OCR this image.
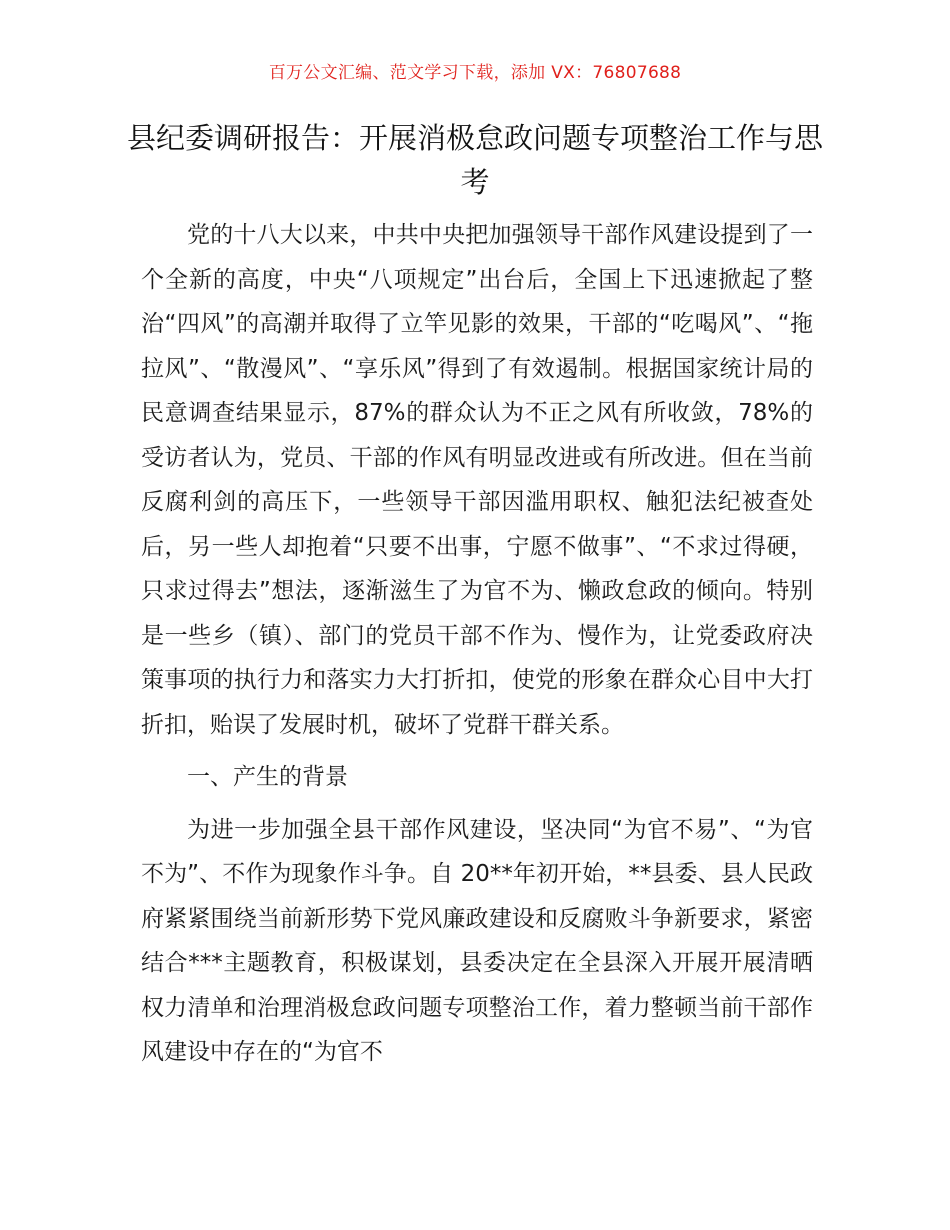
百万公文汇编、范文学习下载，添加 VX：76807688
县纪委调研报告：开展消极怠政问题专项整治工作与思考

党的十八大以来，中共中央把加强领导干部作风建设提到了一个全新的高度，中央“八项规定”出台后，全国上下迅速掀起了整治“四风”的高潮并取得了立竿见影的效果，干部的“吃喝风”、“拖拉风”、“散漫风”、“享乐风”得到了有效遏制。根据国家统计局的民意调查结果显示，87%的群众认为不正之风有所收敛，78%的受访者认为，党员、干部的作风有明显改进或有所改进。但在当前反腐利剑的高压下，一些领导干部因滥用职权、触犯法纪被查处后，另一些人却抱着“只要不出事，宁愿不做事”、“不求过得硬，只求过得去”想法，逐渐滋生了为官不为、懒政怠政的倾向。特别是一些乡（镇）、部门的党员干部不作为、慢作为，让党委政府决策事项的执行力和落实力大打折扣，使党的形象在群众心目中大打折扣，贻误了发展时机，破坏了党群干群关系。

一、产生的背景

为进一步加强全县干部作风建设，坚决同“为官不易”、“为官不为”、不作为现象作斗争。自 20**年初开始，**县委、县人民政府紧紧围绕当前新形势下党风廉政建设和反腐败斗争新要求，紧密结合***主题教育，积极谋划，县委决定在全县深入开展开展清晒权力清单和治理消极怠政问题专项整治工作，着力整顿当前干部作风建设中存在的“为官不
